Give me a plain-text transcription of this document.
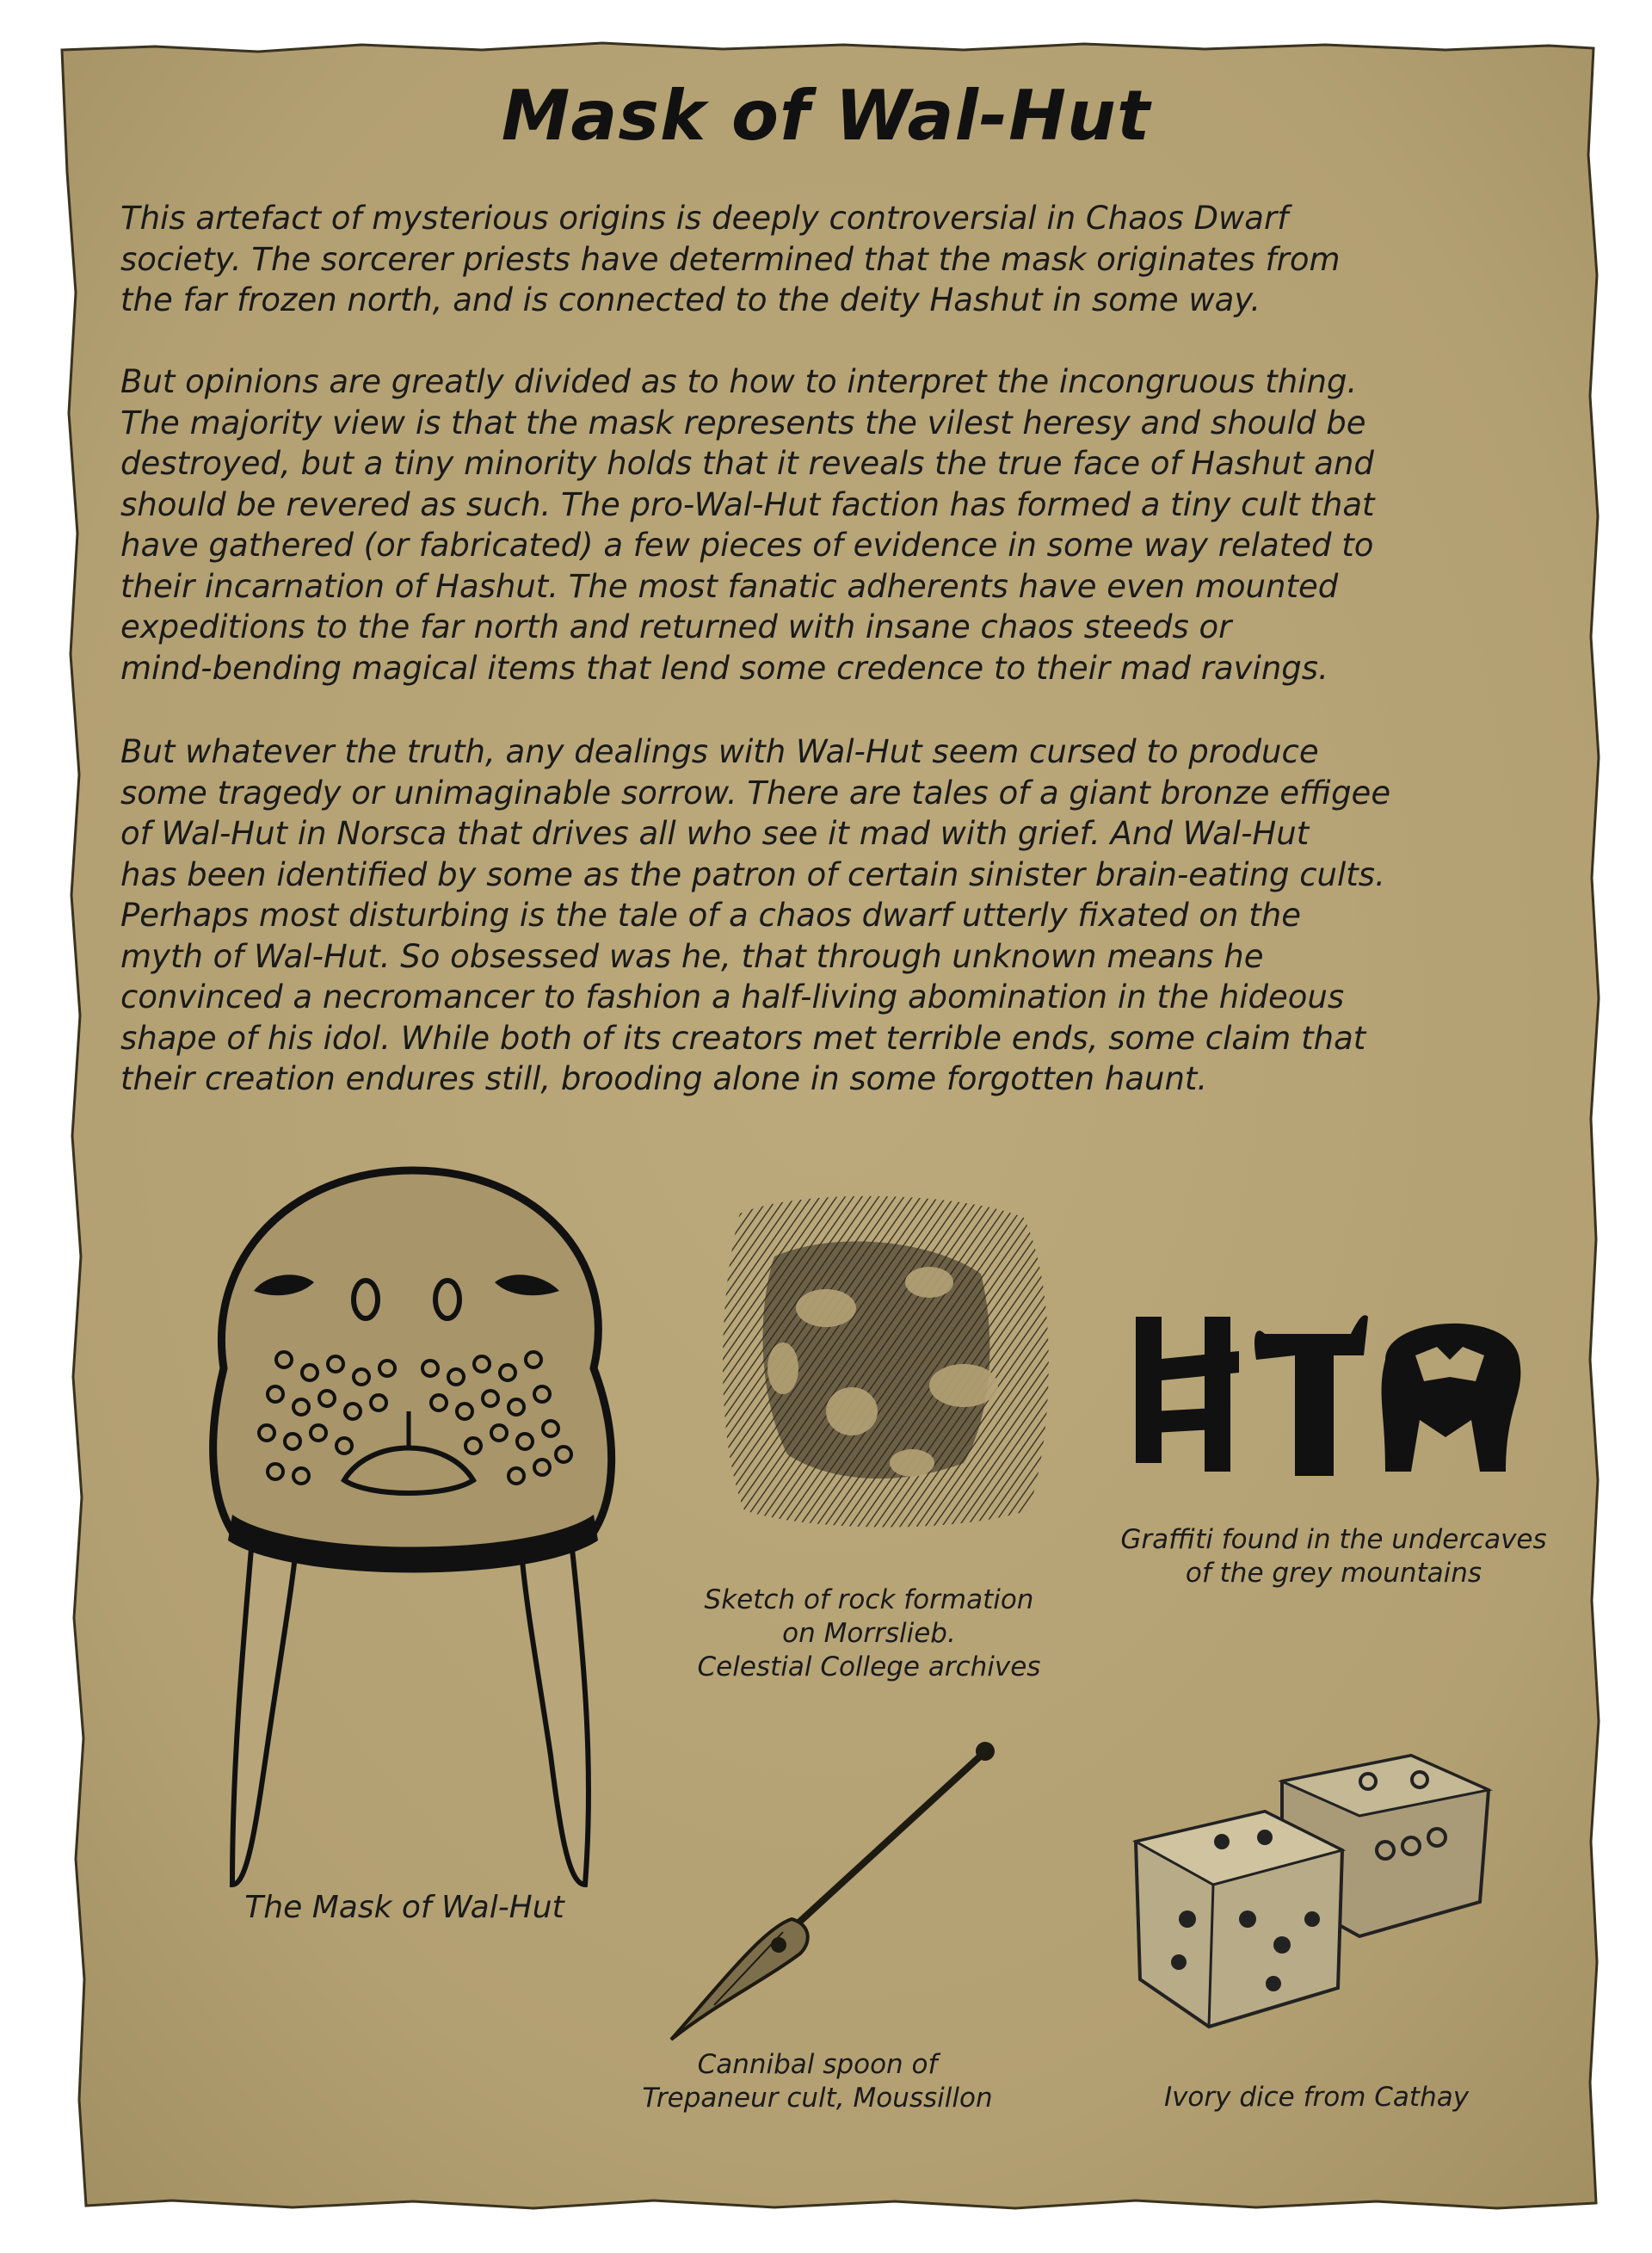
Mask of Wal-Hut
This artefact of mysterious origins is deeply controversial in Chaos Dwarf
society. The sorcerer priests have determined that the mask originates from
the far frozen north, and is connected to the deity Hashut in some way.
But opinions are greatly divided as to how to interpret the incongruous thing.
The majority view is that the mask represents the vilest heresy and should be
destroyed, but a tiny minority holds that it reveals the true face of Hashut and
should be revered as such. The pro-Wal-Hut faction has formed a tiny cult that
have gathered (or fabricated) a few pieces of evidence in some way related to
their incarnation of Hashut. The most fanatic adherents have even mounted
expeditions to the far north and returned with insane chaos steeds or
mind-bending magical items that lend some credence to their mad ravings.
But whatever the truth, any dealings with Wal-Hut seem cursed to produce
some tragedy or unimaginable sorrow. There are tales of a giant bronze effigee
of Wal-Hut in Norsca that drives all who see it mad with grief. And Wal-Hut
has been identified by some as the patron of certain sinister brain-eating cults.
Perhaps most disturbing is the tale of a chaos dwarf utterly fixated on the
myth of Wal-Hut. So obsessed was he, that through unknown means he
convinced a necromancer to fashion a half-living abomination in the hideous
shape of his idol. While both of its creators met terrible ends, some claim that
their creation endures still, brooding alone in some forgotten haunt.
The Mask of Wal-Hut
Sketch of rock formation
on Morrslieb.
Celestial College archives
Graffiti found in the undercaves
of the grey mountains
Cannibal spoon of
Trepaneur cult, Moussillon	Ivory dice from Cathay
